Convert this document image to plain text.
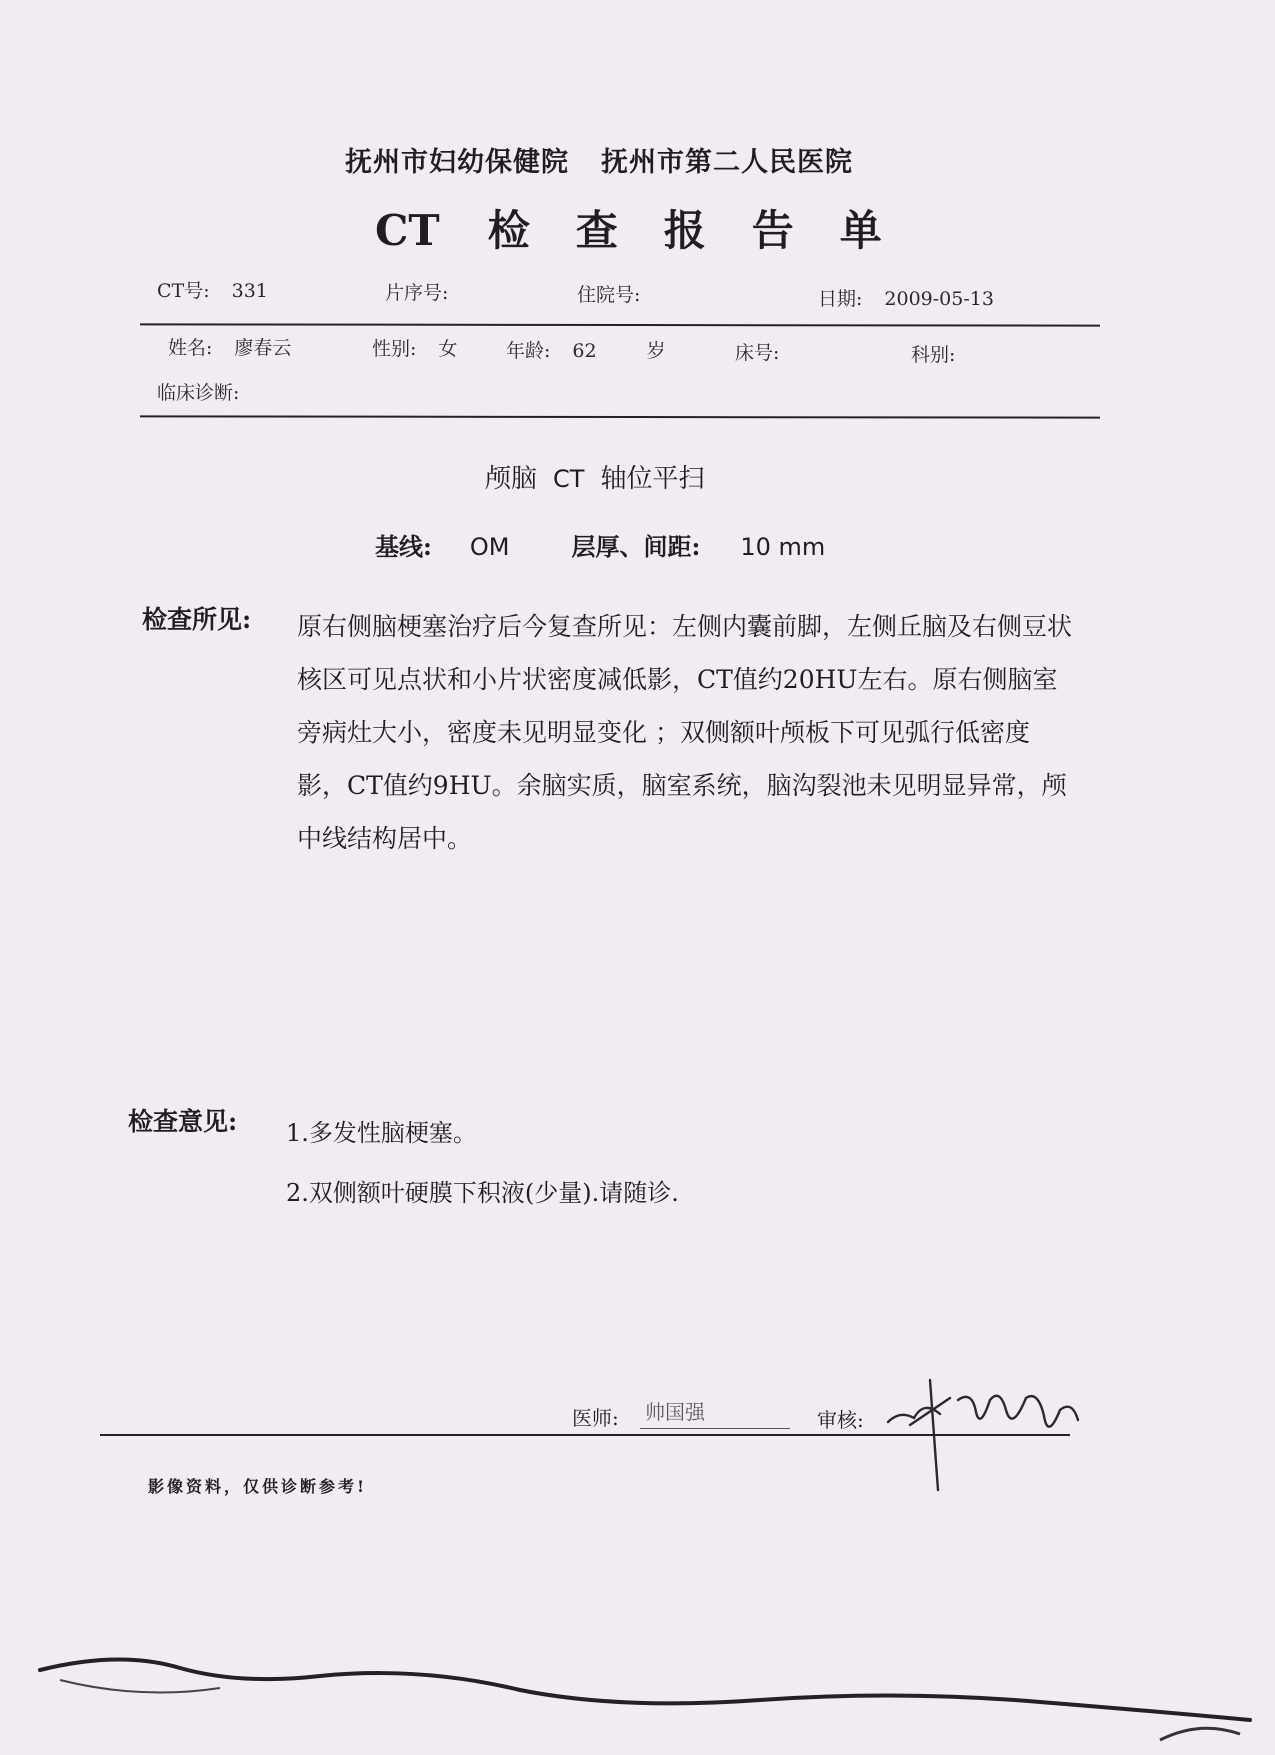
抚州市妇幼保健院 抚州市第二人民医院
CT 检 查 报 告 单
CT号: 331	片序号:	住院号:	日期: 2009-05-13
姓名: 廖春云	性别: 女	年龄: 62	岁	床号:	科别:
临床诊断:
颅脑 CT 轴位平扫
基线: OM	层厚、间距: 10 mm
检查所见: 原右侧脑梗塞治疗后今复查所见：左侧内囊前脚，左侧丘脑及右侧豆状核区可见点状和小片状密度减低影，CT值约20HU左右。原右侧脑室旁病灶大小，密度未见明显变化 ；双侧额叶颅板下可见弧行低密度影，CT值约9HU。余脑实质，脑室系统，脑沟裂池未见明显异常，颅中线结构居中。
检查意见: 1.多发性脑梗塞。
2.双侧额叶硬膜下积液(少量).请随诊.
医师: 帅国强	审核:
影像资料，仅供诊断参考!
